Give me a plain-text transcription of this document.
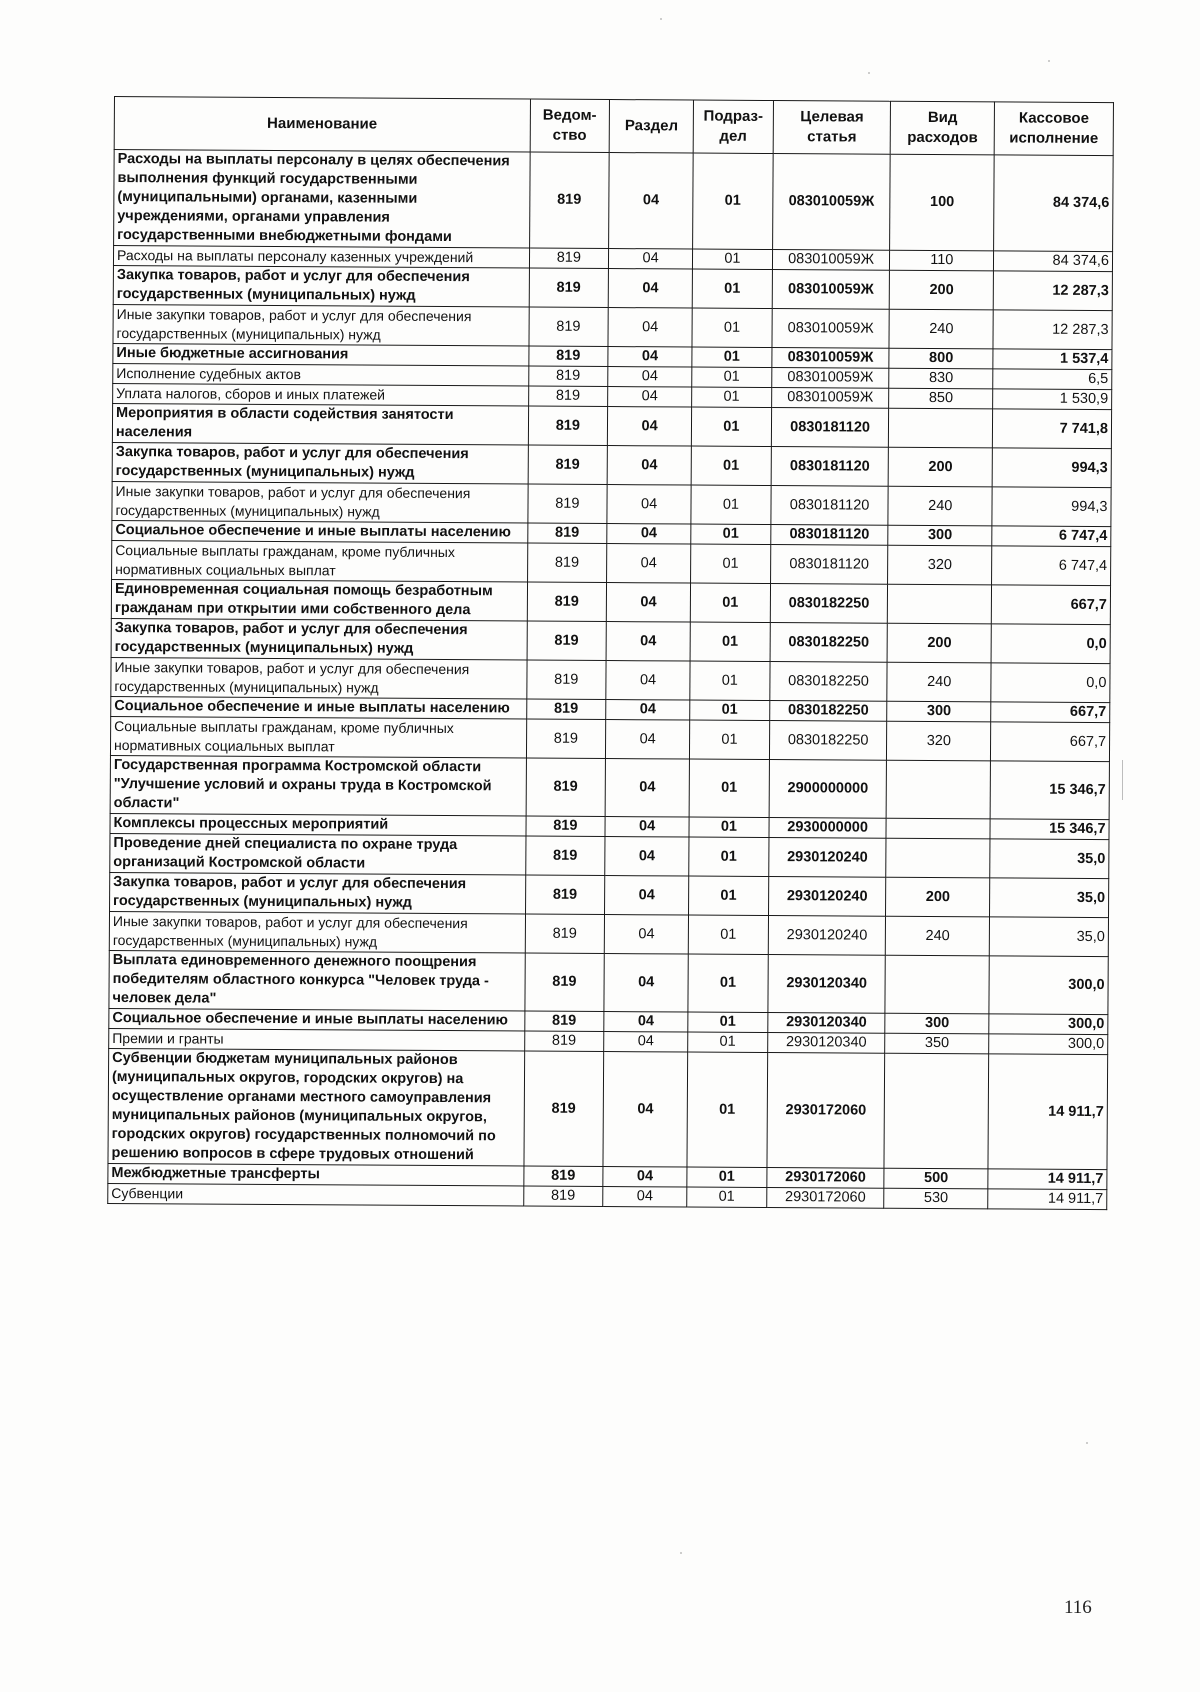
Наименование	Ведом-ство	Раздел	Подраз-дел	Целевая статья	Вид расходов	Кассовое исполнение
Расходы на выплаты персоналу в целях обеспечения выполнения функций государственными (муниципальными) органами, казенными учреждениями, органами управления государственными внебюджетными фондами	819	04	01	083010059Ж	100	84 374,6
Расходы на выплаты персоналу казенных учреждений	819	04	01	083010059Ж	110	84 374,6
Закупка товаров, работ и услуг для обеспечения государственных (муниципальных) нужд	819	04	01	083010059Ж	200	12 287,3
Иные закупки товаров, работ и услуг для обеспечения государственных (муниципальных) нужд	819	04	01	083010059Ж	240	12 287,3
Иные бюджетные ассигнования	819	04	01	083010059Ж	800	1 537,4
Исполнение судебных актов	819	04	01	083010059Ж	830	6,5
Уплата налогов, сборов и иных платежей	819	04	01	083010059Ж	850	1 530,9
Мероприятия в области содействия занятости населения	819	04	01	0830181120		7 741,8
Закупка товаров, работ и услуг для обеспечения государственных (муниципальных) нужд	819	04	01	0830181120	200	994,3
Иные закупки товаров, работ и услуг для обеспечения государственных (муниципальных) нужд	819	04	01	0830181120	240	994,3
Социальное обеспечение и иные выплаты населению	819	04	01	0830181120	300	6 747,4
Социальные выплаты гражданам, кроме публичных нормативных социальных выплат	819	04	01	0830181120	320	6 747,4
Единовременная социальная помощь безработным гражданам при открытии ими собственного дела	819	04	01	0830182250		667,7
Закупка товаров, работ и услуг для обеспечения государственных (муниципальных) нужд	819	04	01	0830182250	200	0,0
Иные закупки товаров, работ и услуг для обеспечения государственных (муниципальных) нужд	819	04	01	0830182250	240	0,0
Социальное обеспечение и иные выплаты населению	819	04	01	0830182250	300	667,7
Социальные выплаты гражданам, кроме публичных нормативных социальных выплат	819	04	01	0830182250	320	667,7
Государственная программа Костромской области "Улучшение условий и охраны труда в Костромской области"	819	04	01	2900000000		15 346,7
Комплексы процессных мероприятий	819	04	01	2930000000		15 346,7
Проведение дней специалиста по охране труда организаций Костромской области	819	04	01	2930120240		35,0
Закупка товаров, работ и услуг для обеспечения государственных (муниципальных) нужд	819	04	01	2930120240	200	35,0
Иные закупки товаров, работ и услуг для обеспечения государственных (муниципальных) нужд	819	04	01	2930120240	240	35,0
Выплата единовременного денежного поощрения победителям областного конкурса "Человек труда - человек дела"	819	04	01	2930120340		300,0
Социальное обеспечение и иные выплаты населению	819	04	01	2930120340	300	300,0
Премии и гранты	819	04	01	2930120340	350	300,0
Субвенции бюджетам муниципальных районов (муниципальных округов, городских округов) на осуществление органами местного самоуправления муниципальных районов (муниципальных округов, городских округов) государственных полномочий по решению вопросов в сфере трудовых отношений	819	04	01	2930172060		14 911,7
Межбюджетные трансферты	819	04	01	2930172060	500	14 911,7
Субвенции	819	04	01	2930172060	530	14 911,7
116
